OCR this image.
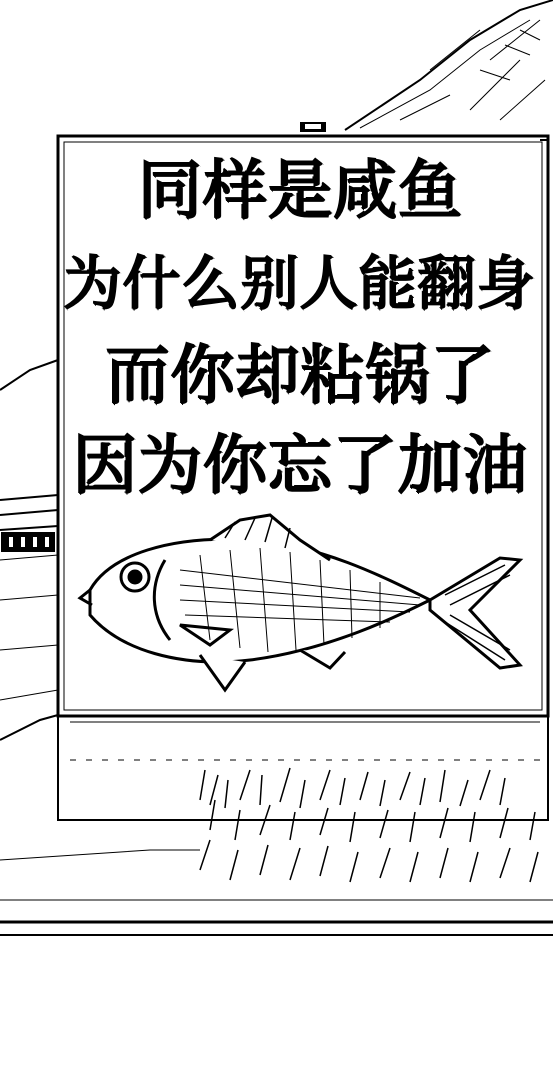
同样是咸鱼
为什么别人能翻身
而你却粘锅了
因为你忘了加油
